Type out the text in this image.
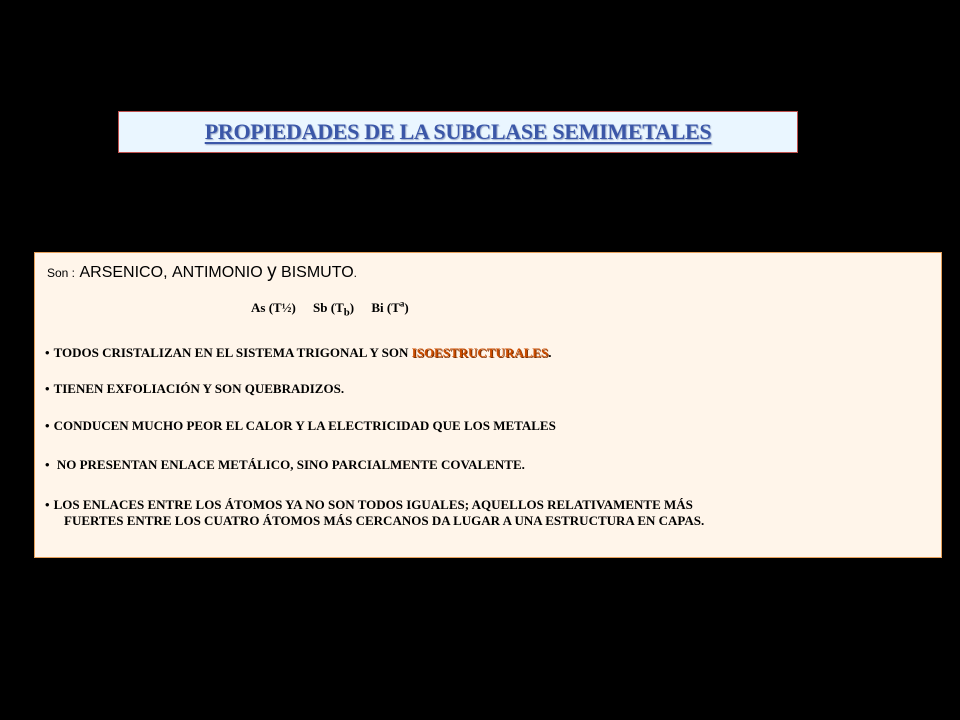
PROPIEDADES DE LA SUBCLASE SEMIMETALES
Son : ARSENICO, ANTIMONIO y BISMUTO.
As (T½) Sb $(T_b)$ Bi $(T^a)$
• TODOS CRISTALIZAN EN EL SISTEMA TRIGONAL Y SON ISOESTRUCTURALES.
• TIENEN EXFOLIACIÓN Y SON QUEBRADIZOS.
• CONDUCEN MUCHO PEOR EL CALOR Y LA ELECTRICIDAD QUE LOS METALES
• NO PRESENTAN ENLACE METÁLICO, SINO PARCIALMENTE COVALENTE.
• LOS ENLACES ENTRE LOS ÁTOMOS YA NO SON TODOS IGUALES; AQUELLOS RELATIVAMENTE MÁS
FUERTES ENTRE LOS CUATRO ÁTOMOS MÁS CERCANOS DA LUGAR A UNA ESTRUCTURA EN CAPAS.
